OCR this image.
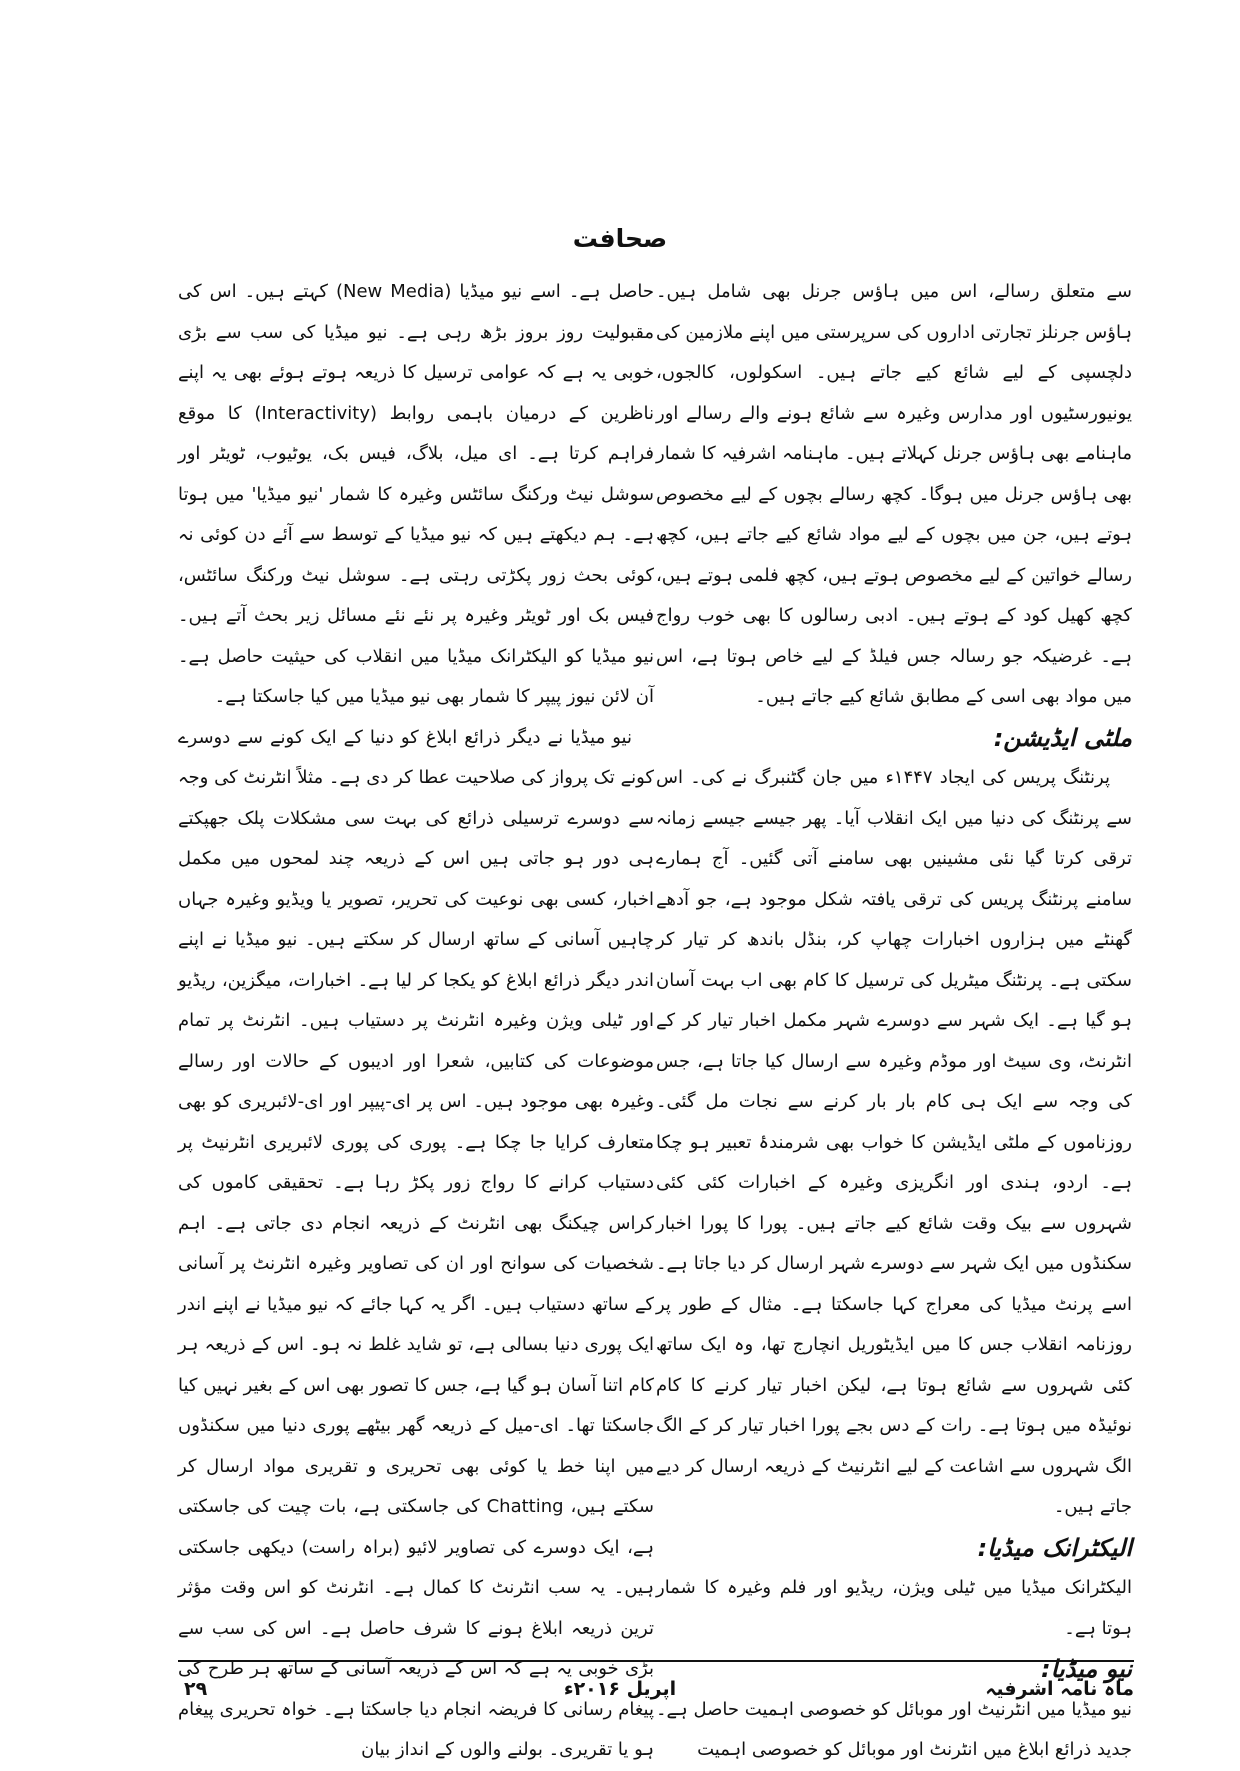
صحافت

سے متعلق رسالے، اس میں ہاؤس جرنل بھی شامل ہیں۔ ہاؤس جرنلز تجارتی اداروں کی سرپرستی میں اپنے ملازمین کی دلچسپی کے لیے شائع کیے جاتے ہیں۔ اسکولوں، کالجوں، یونیورسٹیوں اور مدارس وغیرہ سے شائع ہونے والے رسالے اور ماہنامے بھی ہاؤس جرنل کہلاتے ہیں۔ ماہنامہ اشرفیہ کا شمار بھی ہاؤس جرنل میں ہوگا۔ کچھ رسالے بچوں کے لیے مخصوص ہوتے ہیں، جن میں بچوں کے لیے مواد شائع کیے جاتے ہیں، کچھ رسالے خواتین کے لیے مخصوص ہوتے ہیں، کچھ فلمی ہوتے ہیں، کچھ کھیل کود کے ہوتے ہیں۔ ادبی رسالوں کا بھی خوب رواج ہے۔ غرضیکہ جو رسالہ جس فیلڈ کے لیے خاص ہوتا ہے، اس میں مواد بھی اسی کے مطابق شائع کیے جاتے ہیں۔

ملٹی ایڈیشن:

پرنٹنگ پریس کی ایجاد ۱۴۴۷ء میں جان گٹنبرگ نے کی۔ اس سے پرنٹنگ کی دنیا میں ایک انقلاب آیا۔ پھر جیسے جیسے زمانہ ترقی کرتا گیا نئی مشینیں بھی سامنے آتی گئیں۔ آج ہمارے سامنے پرنٹنگ پریس کی ترقی یافتہ شکل موجود ہے، جو آدھے گھنٹے میں ہزاروں اخبارات چھاپ کر، بنڈل باندھ کر تیار کر سکتی ہے۔ پرنٹنگ میٹریل کی ترسیل کا کام بھی اب بہت آسان ہو گیا ہے۔ ایک شہر سے دوسرے شہر مکمل اخبار تیار کر کے انٹرنٹ، وی سیٹ اور موڈم وغیرہ سے ارسال کیا جاتا ہے، جس کی وجہ سے ایک ہی کام بار بار کرنے سے نجات مل گئی۔ روزناموں کے ملٹی ایڈیشن کا خواب بھی شرمندۂ تعبیر ہو چکا ہے۔ اردو، ہندی اور انگریزی وغیرہ کے اخبارات کئی کئی شہروں سے بیک وقت شائع کیے جاتے ہیں۔ پورا کا پورا اخبار سکنڈوں میں ایک شہر سے دوسرے شہر ارسال کر دیا جاتا ہے۔ اسے پرنٹ میڈیا کی معراج کہا جاسکتا ہے۔ مثال کے طور پر روزنامہ انقلاب جس کا میں ایڈیٹوریل انچارج تھا، وہ ایک ساتھ کئی شہروں سے شائع ہوتا ہے، لیکن اخبار تیار کرنے کا کام نوئیڈہ میں ہوتا ہے۔ رات کے دس بجے پورا اخبار تیار کر کے الگ الگ شہروں سے اشاعت کے لیے انٹرنیٹ کے ذریعہ ارسال کر دیے جاتے ہیں۔

الیکٹرانک میڈیا:

الیکٹرانک میڈیا میں ٹیلی ویژن، ریڈیو اور فلم وغیرہ کا شمار ہوتا ہے۔

نیو میڈیا:

نیو میڈیا میں انٹرنیٹ اور موبائل کو خصوصی اہمیت حاصل ہے۔ جدید ذرائع ابلاغ میں انٹرنٹ اور موبائل کو خصوصی اہمیت

حاصل ہے۔ اسے نیو میڈیا (New Media) کہتے ہیں۔ اس کی مقبولیت روز بروز بڑھ رہی ہے۔ نیو میڈیا کی سب سے بڑی خوبی یہ ہے کہ عوامی ترسیل کا ذریعہ ہوتے ہوئے بھی یہ اپنے ناظرین کے درمیان باہمی روابط (Interactivity) کا موقع فراہم کرتا ہے۔ ای میل، بلاگ، فیس بک، یوٹیوب، ٹویٹر اور سوشل نیٹ ورکنگ سائٹس وغیرہ کا شمار 'نیو میڈیا' میں ہوتا ہے۔ ہم دیکھتے ہیں کہ نیو میڈیا کے توسط سے آئے دن کوئی نہ کوئی بحث زور پکڑتی رہتی ہے۔ سوشل نیٹ ورکنگ سائٹس، فیس بک اور ٹویٹر وغیرہ پر نئے نئے مسائل زیر بحث آتے ہیں۔ نیو میڈیا کو الیکٹرانک میڈیا میں انقلاب کی حیثیت حاصل ہے۔ آن لائن نیوز پیپر کا شمار بھی نیو میڈیا میں کیا جاسکتا ہے۔

نیو میڈیا نے دیگر ذرائع ابلاغ کو دنیا کے ایک کونے سے دوسرے کونے تک پرواز کی صلاحیت عطا کر دی ہے۔ مثلاً انٹرنٹ کی وجہ سے دوسرے ترسیلی ذرائع کی بہت سی مشکلات پلک جھپکتے ہی دور ہو جاتی ہیں اس کے ذریعہ چند لمحوں میں مکمل اخبار، کسی بھی نوعیت کی تحریر، تصویر یا ویڈیو وغیرہ جہاں چاہیں آسانی کے ساتھ ارسال کر سکتے ہیں۔ نیو میڈیا نے اپنے اندر دیگر ذرائع ابلاغ کو یکجا کر لیا ہے۔ اخبارات، میگزین، ریڈیو اور ٹیلی ویژن وغیرہ انٹرنٹ پر دستیاب ہیں۔ انٹرنٹ پر تمام موضوعات کی کتابیں، شعرا اور ادیبوں کے حالات اور رسالے وغیرہ بھی موجود ہیں۔ اس پر ای-پیپر اور ای-لائبریری کو بھی متعارف کرایا جا چکا ہے۔ پوری کی پوری لائبریری انٹرنیٹ پر دستیاب کرانے کا رواج زور پکڑ رہا ہے۔ تحقیقی کاموں کی کراس چیکنگ بھی انٹرنٹ کے ذریعہ انجام دی جاتی ہے۔ اہم شخصیات کی سوانح اور ان کی تصاویر وغیرہ انٹرنٹ پر آسانی کے ساتھ دستیاب ہیں۔ اگر یہ کہا جائے کہ نیو میڈیا نے اپنے اندر ایک پوری دنیا بسالی ہے، تو شاید غلط نہ ہو۔ اس کے ذریعہ ہر کام اتنا آسان ہو گیا ہے، جس کا تصور بھی اس کے بغیر نہیں کیا جاسکتا تھا۔ ای-میل کے ذریعہ گھر بیٹھے پوری دنیا میں سکنڈوں میں اپنا خط یا کوئی بھی تحریری و تقریری مواد ارسال کر سکتے ہیں، Chatting کی جاسکتی ہے، بات چیت کی جاسکتی ہے، ایک دوسرے کی تصاویر لائیو (براہ راست) دیکھی جاسکتی ہیں۔ یہ سب انٹرنٹ کا کمال ہے۔ انٹرنٹ کو اس وقت مؤثر ترین ذریعہ ابلاغ ہونے کا شرف حاصل ہے۔ اس کی سب سے بڑی خوبی یہ ہے کہ اس کے ذریعہ آسانی کے ساتھ ہر طرح کی پیغام رسانی کا فریضہ انجام دیا جاسکتا ہے۔ خواہ تحریری پیغام ہو یا تقریری۔ بولنے والوں کے انداز بیان

ماہ نامہ اشرفیہ
اپریل ۲۰۱۶ء
۲۹
